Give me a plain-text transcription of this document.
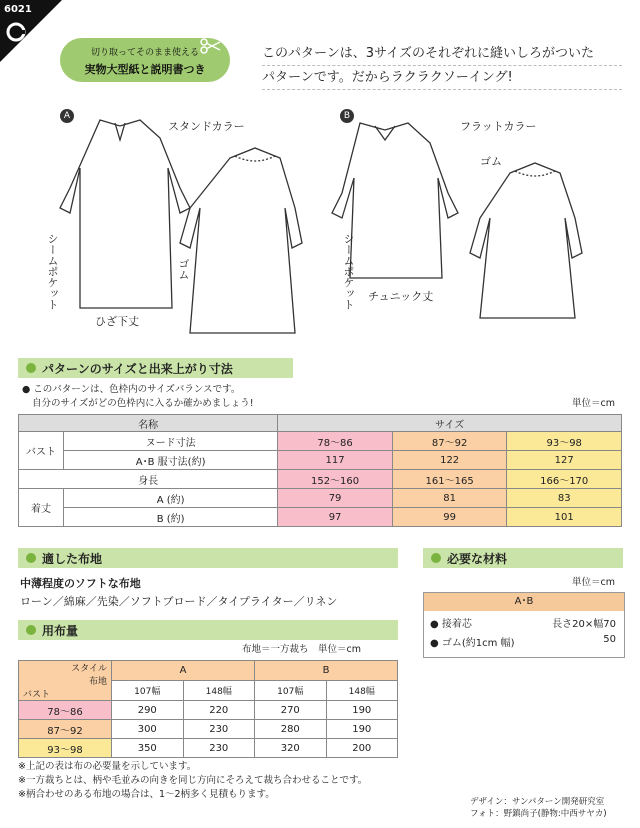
6021
切り取ってそのまま使える
実物大型紙と説明書つき
このパターンは、3サイズのそれぞれに縫いしろがついた
パターンです。だからラクラクソーイング!
A
スタンドカラー
シームポケット	ゴム
ひざ下丈
B
フラットカラー
ゴム
シームポケット チュニック丈
パターンのサイズと出来上がり寸法
● このパターンは、色枠内のサイズバランスです。
自分のサイズがどの色枠内に入るか確かめましょう!	単位＝cm
名称		サイズ		
バスト	ヌード寸法	78〜86	87〜92	93〜98
	A･B 服寸法(約)	117	122	127
身長		152〜160	161〜165	166〜170
着丈	A (約)	79	81	83
	B (約)	97	99	101
適した布地
中薄程度のソフトな布地
ローン／綿麻／先染／ソフトブロード／タイプライター／リネン
必要な材料
単位＝cm
A･B
● 接着芯	長さ20×幅70
● ゴム(約1cm 幅)	50
用布量
布地＝一方裁ち　単位＝cm
スタイル
布地
バスト	A		B	
	107幅	148幅	107幅	148幅
78〜86	290	220	270	190
87〜92	300	230	280	190
93〜98	350	230	320	200
※上記の表は布の必要量を示しています。
※一方裁ちとは、柄や毛並みの向きを同じ方向にそろえて裁ち合わせることです。
※柄合わせのある布地の場合は、1〜2柄多く見積もります。
デザイン：サンパターン開発研究室
フォト：野鎮尚子(静物:中西サヤカ)
